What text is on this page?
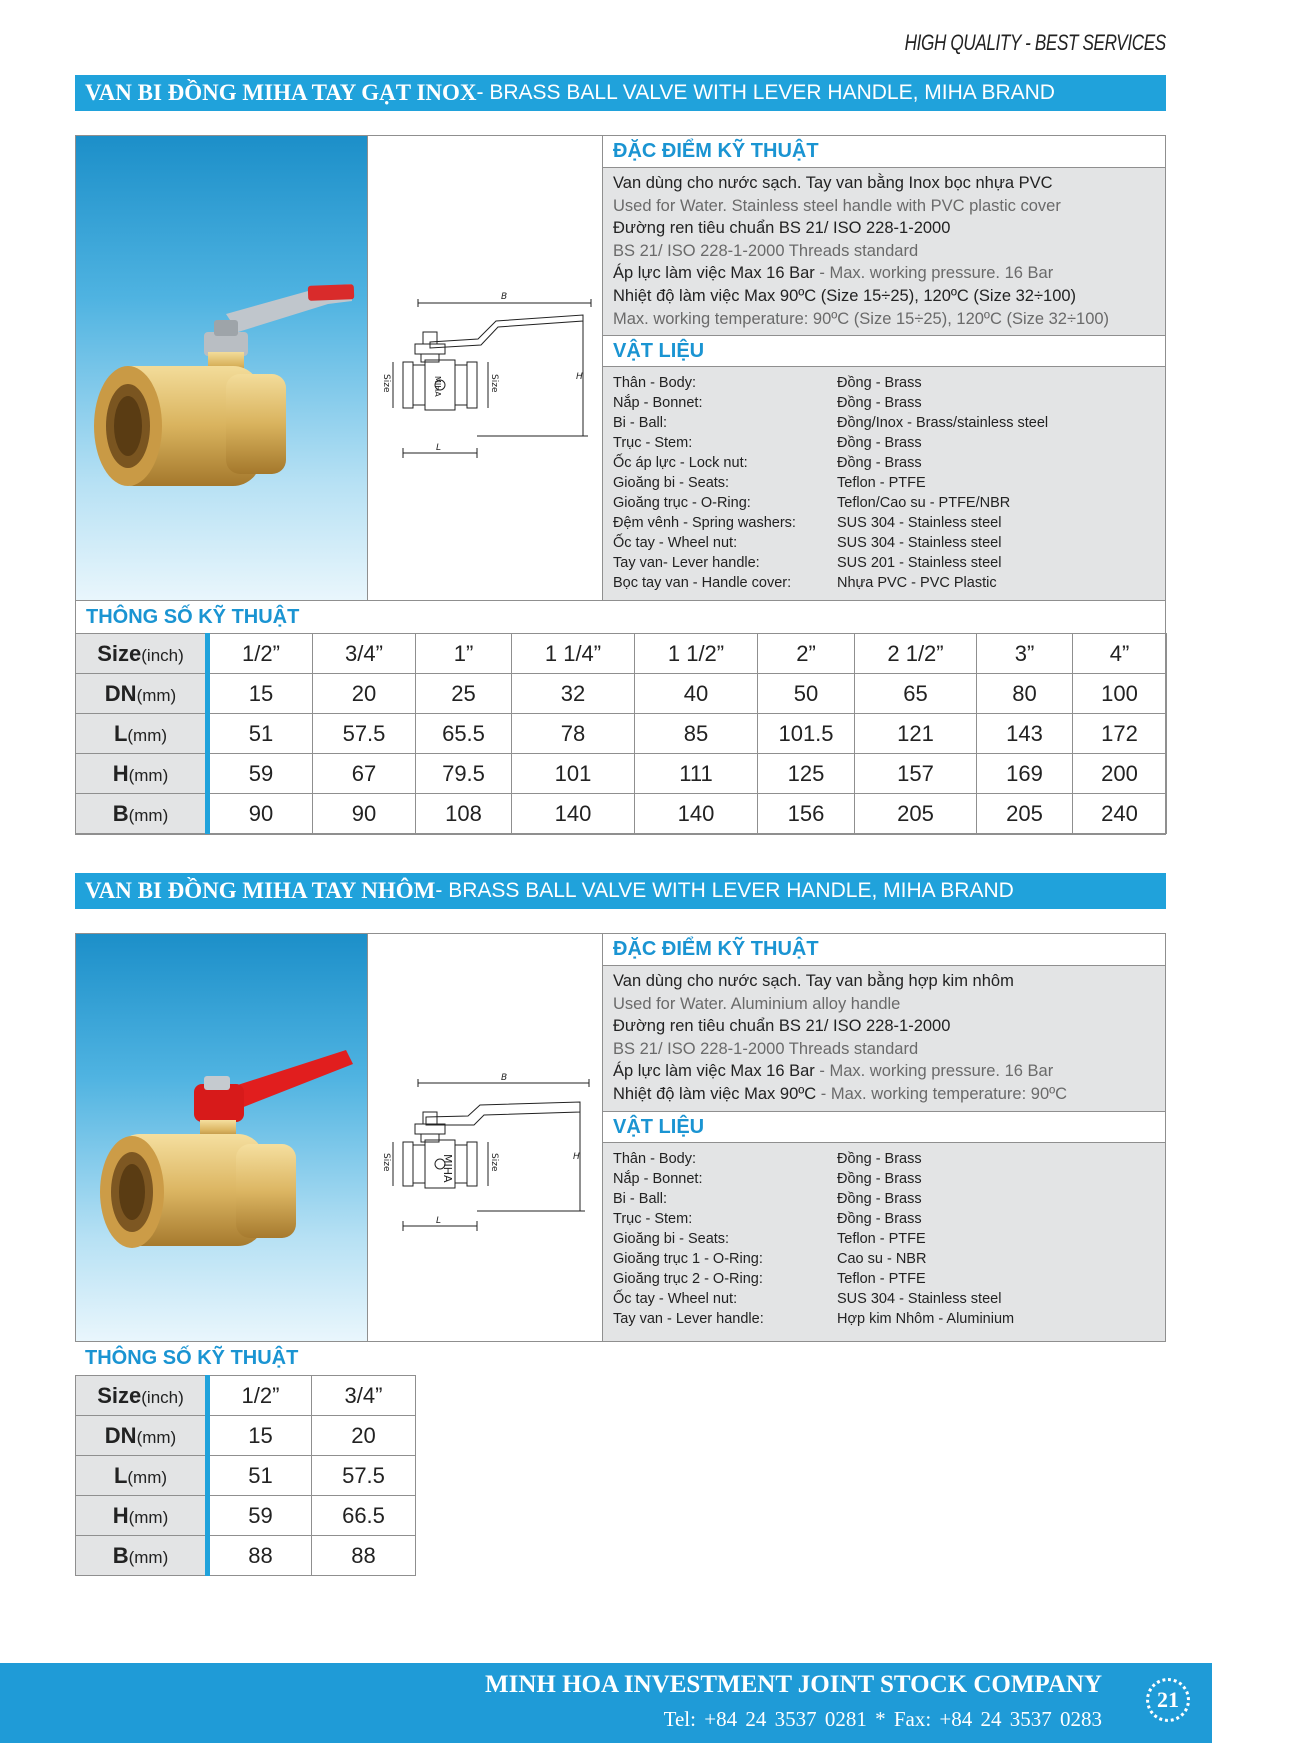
HIGH QUALITY - BEST SERVICES
VAN BI ĐỒNG MIHA TAY GẠT INOX - BRASS BALL VALVE WITH LEVER HANDLE, MIHA BRAND
B
MIHA
Size	Size	H
L
ĐẶC ĐIỂM KỸ THUẬT
Van dùng cho nước sạch. Tay van bằng Inox bọc nhựa PVC
Used for Water. Stainless steel handle with PVC plastic cover
Đường ren tiêu chuẩn BS 21/ ISO 228-1-2000
BS 21/ ISO 228-1-2000 Threads standard
Áp lực làm việc Max 16 Bar - Max. working pressure. 16 Bar
Nhiệt độ làm việc Max 90ºC (Size 15÷25), 120ºC (Size 32÷100)
Max. working temperature: 90ºC (Size 15÷25), 120ºC (Size 32÷100)
VẬT LIỆU
Thân - Body:	Đồng - Brass
Nắp - Bonnet:	Đồng - Brass
Bi - Ball:	Đồng/Inox - Brass/stainless steel
Trục - Stem:	Đồng - Brass
Ốc áp lực - Lock nut:	Đồng - Brass
Gioăng bi - Seats:	Teflon - PTFE
Gioăng trục - O-Ring:	Teflon/Cao su - PTFE/NBR
Đệm vênh - Spring washers:	SUS 304 - Stainless steel
Ốc tay - Wheel nut:	SUS 304 - Stainless steel
Tay van- Lever handle:	SUS 201 - Stainless steel
Bọc tay van - Handle cover:	Nhựa PVC - PVC Plastic
THÔNG SỐ KỸ THUẬT
Size(inch)	1/2”	3/4”	1”	1 1/4”	1 1/2”	2”	2 1/2”	3”	4”
DN(mm)	15	20	25	32	40	50	65	80	100
L(mm)	51	57.5	65.5	78	85	101.5	121	143	172
H(mm)	59	67	79.5	101	111	125	157	169	200
B(mm)	90	90	108	140	140	156	205	205	240
VAN BI ĐỒNG MIHA TAY NHÔM - BRASS BALL VALVE WITH LEVER HANDLE, MIHA BRAND
B
MIHA
Size	Size	H
L
ĐẶC ĐIỂM KỸ THUẬT
Van dùng cho nước sạch. Tay van bằng hợp kim nhôm
Used for Water. Aluminium alloy handle
Đường ren tiêu chuẩn BS 21/ ISO 228-1-2000
BS 21/ ISO 228-1-2000 Threads standard
Áp lực làm việc Max 16 Bar - Max. working pressure. 16 Bar
Nhiệt độ làm việc Max 90ºC - Max. working temperature: 90ºC
VẬT LIỆU
Thân - Body:	Đồng - Brass
Nắp - Bonnet:	Đồng - Brass
Bi - Ball:	Đồng - Brass
Trục - Stem:	Đồng - Brass
Gioăng bi - Seats:	Teflon - PTFE
Gioăng trục 1 - O-Ring:	Cao su - NBR
Gioăng trục 2 - O-Ring:	Teflon - PTFE
Ốc tay - Wheel nut:	SUS 304 - Stainless steel
Tay van - Lever handle:	Hợp kim Nhôm - Aluminium
THÔNG SỐ KỸ THUẬT
Size(inch)	1/2”	3/4”
DN(mm)	15	20
L(mm)	51	57.5
H(mm)	59	66.5
B(mm)	88	88
MINH HOA INVESTMENT JOINT STOCK COMPANY
Tel: +84 24 3537 0281 * Fax: +84 24 3537 0283
21
